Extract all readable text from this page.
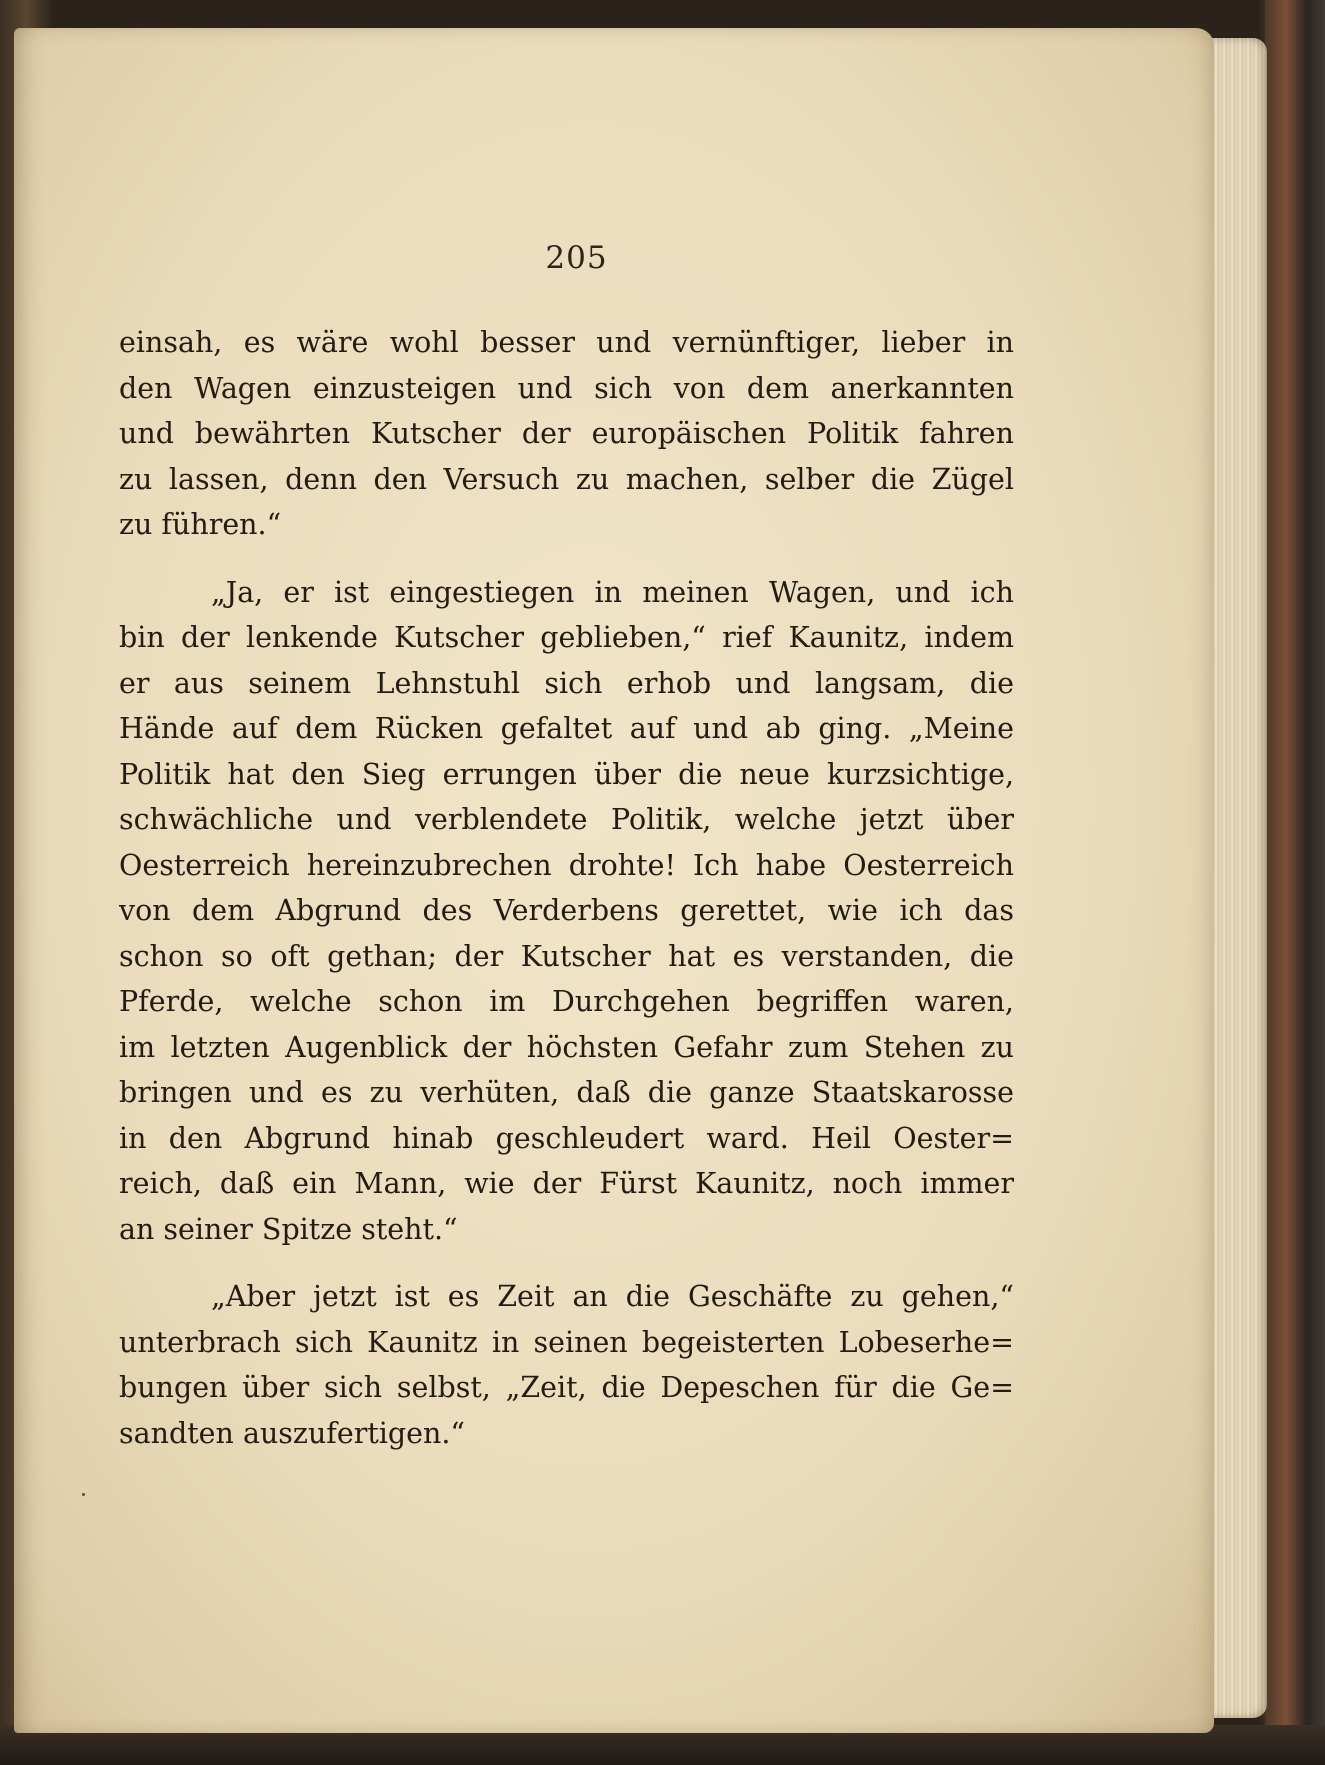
205
einsah, es wäre wohl besser und vernünftiger, lieber in
den Wagen einzusteigen und sich von dem anerkannten
und bewährten Kutscher der europäischen Politik fahren
zu lassen, denn den Versuch zu machen, selber die Zügel
zu führen.“
„Ja, er ist eingestiegen in meinen Wagen, und ich
bin der lenkende Kutscher geblieben,“ rief Kaunitz, indem
er aus seinem Lehnstuhl sich erhob und langsam, die
Hände auf dem Rücken gefaltet auf und ab ging. „Meine
Politik hat den Sieg errungen über die neue kurzsichtige,
schwächliche und verblendete Politik, welche jetzt über
Oesterreich hereinzubrechen drohte! Ich habe Oesterreich
von dem Abgrund des Verderbens gerettet, wie ich das
schon so oft gethan; der Kutscher hat es verstanden, die
Pferde, welche schon im Durchgehen begriffen waren,
im letzten Augenblick der höchsten Gefahr zum Stehen zu
bringen und es zu verhüten, daß die ganze Staatskarosse
in den Abgrund hinab geschleudert ward. Heil Oester=
reich, daß ein Mann, wie der Fürst Kaunitz, noch immer
an seiner Spitze steht.“
„Aber jetzt ist es Zeit an die Geschäfte zu gehen,“
unterbrach sich Kaunitz in seinen begeisterten Lobeserhe=
bungen über sich selbst, „Zeit, die Depeschen für die Ge=
sandten auszufertigen.“
